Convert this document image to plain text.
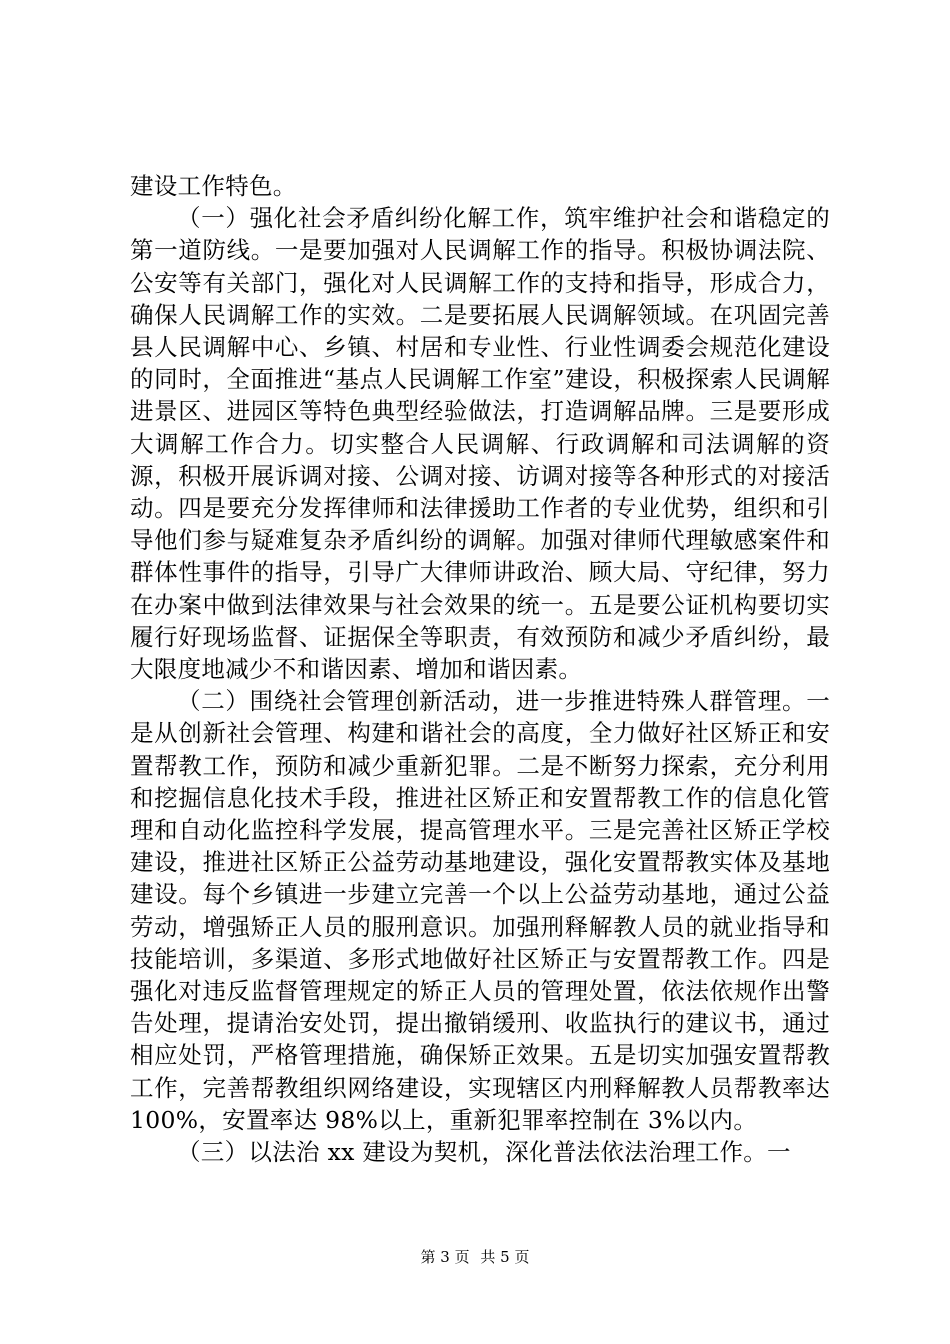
建设工作特色。

（一）强化社会矛盾纠纷化解工作，筑牢维护社会和谐稳定的第一道防线。一是要加强对人民调解工作的指导。积极协调法院、公安等有关部门，强化对人民调解工作的支持和指导，形成合力，确保人民调解工作的实效。二是要拓展人民调解领域。在巩固完善县人民调解中心、乡镇、村居和专业性、行业性调委会规范化建设的同时，全面推进“基点人民调解工作室”建设，积极探索人民调解进景区、进园区等特色典型经验做法，打造调解品牌。三是要形成大调解工作合力。切实整合人民调解、行政调解和司法调解的资源，积极开展诉调对接、公调对接、访调对接等各种形式的对接活动。四是要充分发挥律师和法律援助工作者的专业优势，组织和引导他们参与疑难复杂矛盾纠纷的调解。加强对律师代理敏感案件和群体性事件的指导，引导广大律师讲政治、顾大局、守纪律，努力在办案中做到法律效果与社会效果的统一。五是要公证机构要切实履行好现场监督、证据保全等职责，有效预防和减少矛盾纠纷，最大限度地减少不和谐因素、增加和谐因素。

（二）围绕社会管理创新活动，进一步推进特殊人群管理。一是从创新社会管理、构建和谐社会的高度，全力做好社区矫正和安置帮教工作，预防和减少重新犯罪。二是不断努力探索，充分利用和挖掘信息化技术手段，推进社区矫正和安置帮教工作的信息化管理和自动化监控科学发展，提高管理水平。三是完善社区矫正学校建设，推进社区矫正公益劳动基地建设，强化安置帮教实体及基地建设。每个乡镇进一步建立完善一个以上公益劳动基地，通过公益劳动，增强矫正人员的服刑意识。加强刑释解教人员的就业指导和技能培训，多渠道、多形式地做好社区矫正与安置帮教工作。四是强化对违反监督管理规定的矫正人员的管理处置，依法依规作出警告处理，提请治安处罚，提出撤销缓刑、收监执行的建议书，通过相应处罚，严格管理措施，确保矫正效果。五是切实加强安置帮教工作，完善帮教组织网络建设，实现辖区内刑释解教人员帮教率达 100%，安置率达 98%以上，重新犯罪率控制在 3%以内。

（三）以法治 xx 建设为契机，深化普法依法治理工作。一

第 3 页 共 5 页
